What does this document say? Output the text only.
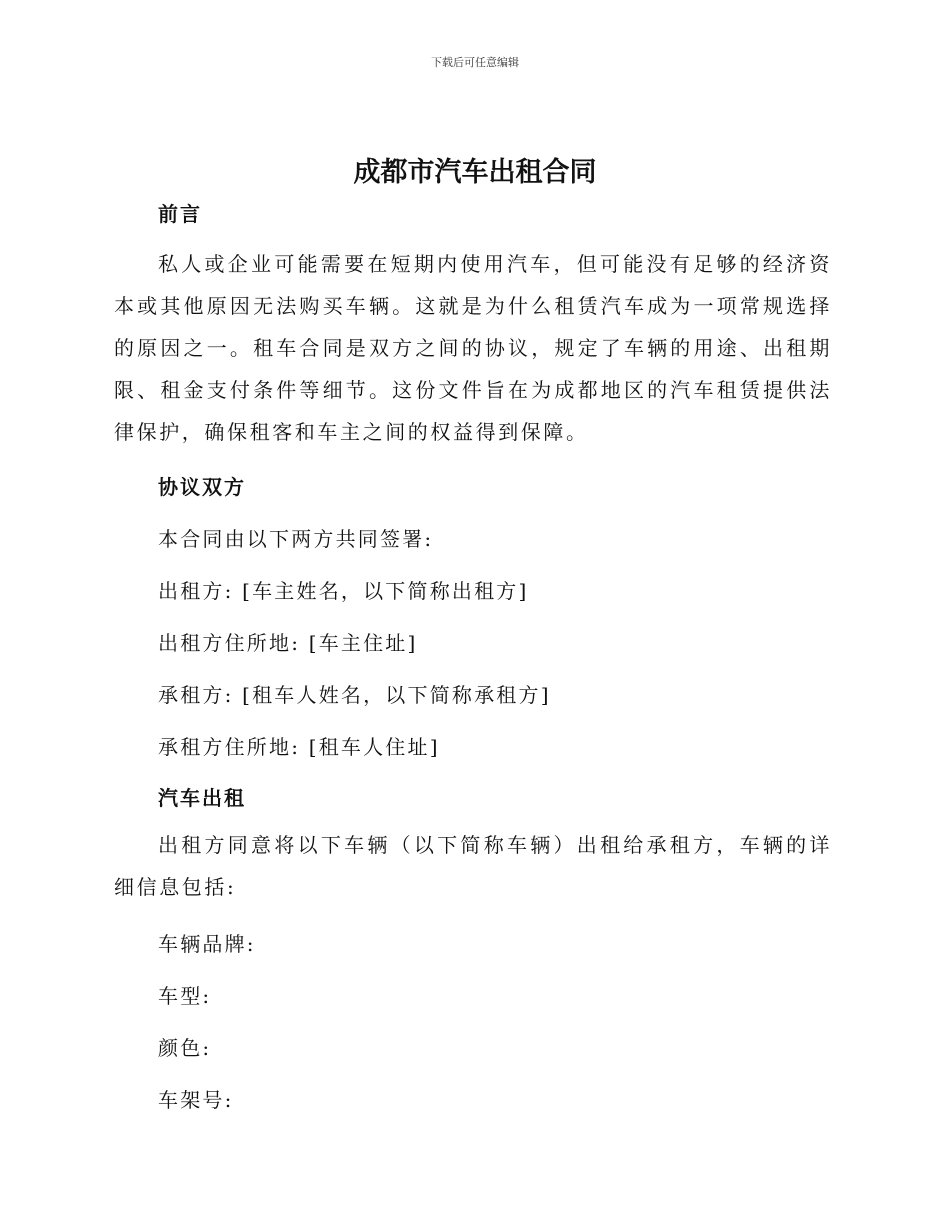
下载后可任意编辑
成都市汽车出租合同
前言
私人或企业可能需要在短期内使用汽车，但可能没有足够的经济资本或其他原因无法购买车辆。这就是为什么租赁汽车成为一项常规选择的原因之一。租车合同是双方之间的协议，规定了车辆的用途、出租期限、租金支付条件等细节。这份文件旨在为成都地区的汽车租赁提供法律保护，确保租客和车主之间的权益得到保障。
协议双方
本合同由以下两方共同签署:
出租方: [车主姓名，以下简称出租方]
出租方住所地: [车主住址]
承租方: [租车人姓名，以下简称承租方]
承租方住所地: [租车人住址]
汽车出租
出租方同意将以下车辆（以下简称车辆）出租给承租方，车辆的详细信息包括:
车辆品牌:
车型:
颜色:
车架号:
